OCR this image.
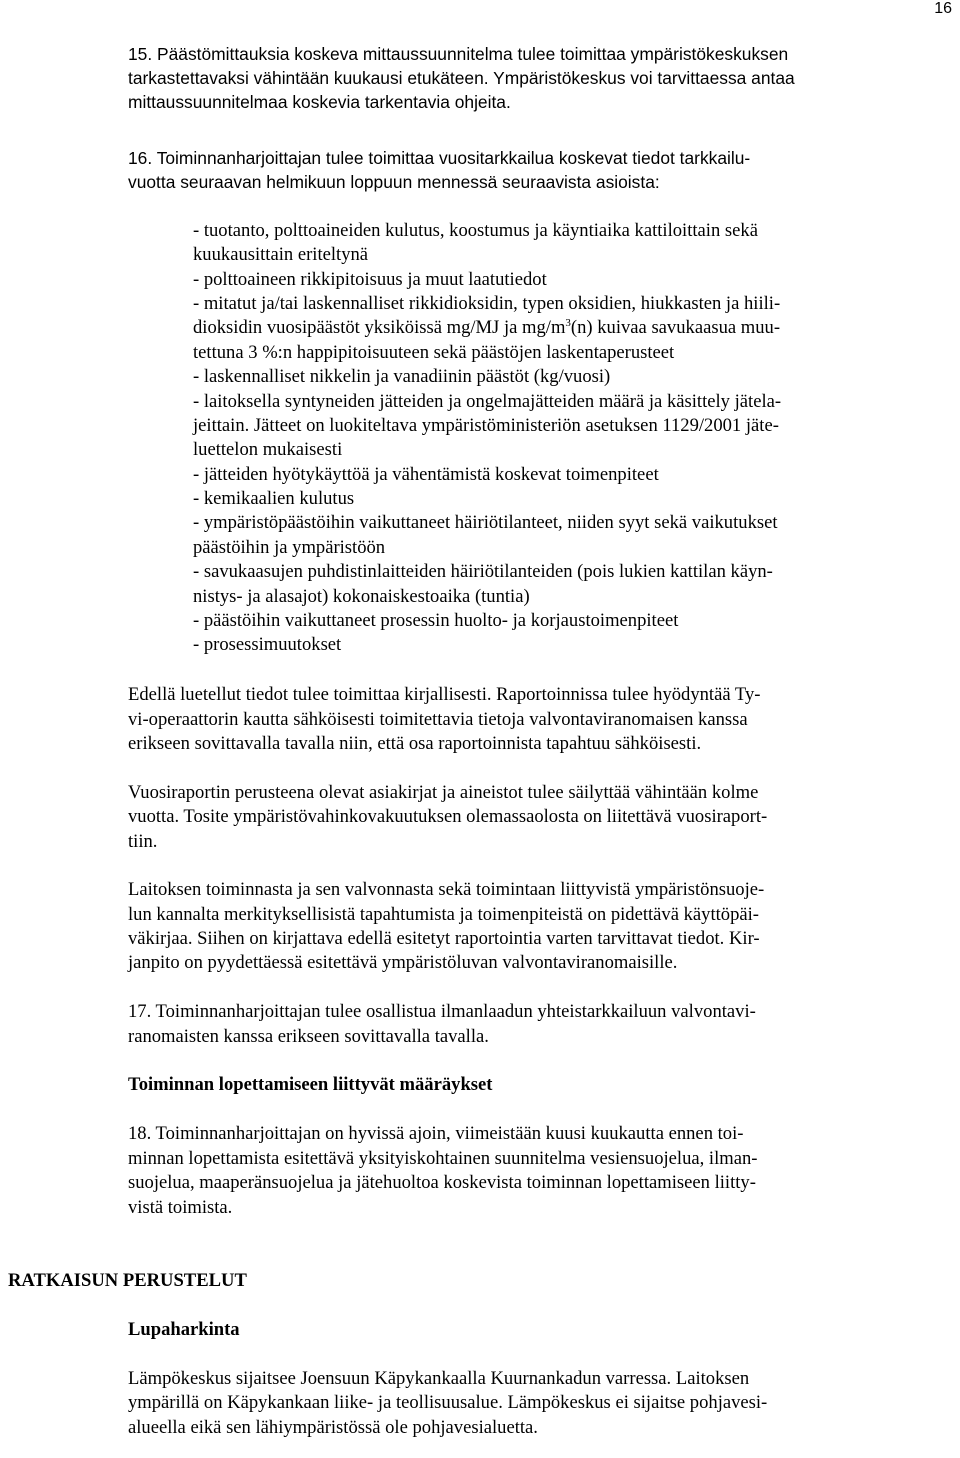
16
15. Päästömittauksia koskeva mittaussuunnitelma tulee toimittaa ympäristökeskuksen
tarkastettavaksi vähintään kuukausi etukäteen. Ympäristökeskus voi tarvittaessa antaa
mittaussuunnitelmaa koskevia tarkentavia ohjeita.
16. Toiminnanharjoittajan tulee toimittaa vuositarkkailua koskevat tiedot tarkkailu-
vuotta seuraavan helmikuun loppuun mennessä seuraavista asioista:
- tuotanto, polttoaineiden kulutus, koostumus ja käyntiaika kattiloittain sekä
kuukausittain eriteltynä
- polttoaineen rikkipitoisuus ja muut laatutiedot
- mitatut ja/tai laskennalliset rikkidioksidin, typen oksidien, hiukkasten ja hiili-
dioksidin vuosipäästöt yksiköissä mg/MJ ja $mg/m^3(n)$ kuivaa savukaasua muu-
tettuna 3 %:n happipitoisuuteen sekä päästöjen laskentaperusteet
- laskennalliset nikkelin ja vanadiinin päästöt (kg/vuosi)
- laitoksella syntyneiden jätteiden ja ongelmajätteiden määrä ja käsittely jätela-
jeittain. Jätteet on luokiteltava ympäristöministeriön asetuksen 1129/2001 jäte-
luettelon mukaisesti
- jätteiden hyötykäyttöä ja vähentämistä koskevat toimenpiteet
- kemikaalien kulutus
- ympäristöpäästöihin vaikuttaneet häiriötilanteet, niiden syyt sekä vaikutukset
päästöihin ja ympäristöön
- savukaasujen puhdistinlaitteiden häiriötilanteiden (pois lukien kattilan käyn-
nistys- ja alasajot) kokonaiskestoaika (tuntia)
- päästöihin vaikuttaneet prosessin huolto- ja korjaustoimenpiteet
- prosessimuutokset
Edellä luetellut tiedot tulee toimittaa kirjallisesti. Raportoinnissa tulee hyödyntää Ty-
vi-operaattorin kautta sähköisesti toimitettavia tietoja valvontaviranomaisen kanssa
erikseen sovittavalla tavalla niin, että osa raportoinnista tapahtuu sähköisesti.
Vuosiraportin perusteena olevat asiakirjat ja aineistot tulee säilyttää vähintään kolme
vuotta. Tosite ympäristövahinkovakuutuksen olemassaolosta on liitettävä vuosiraport-
tiin.
Laitoksen toiminnasta ja sen valvonnasta sekä toimintaan liittyvistä ympäristönsuoje-
lun kannalta merkityksellisistä tapahtumista ja toimenpiteistä on pidettävä käyttöpäi-
väkirjaa. Siihen on kirjattava edellä esitetyt raportointia varten tarvittavat tiedot. Kir-
janpito on pyydettäessä esitettävä ympäristöluvan valvontaviranomaisille.
17. Toiminnanharjoittajan tulee osallistua ilmanlaadun yhteistarkkailuun valvontavi-
ranomaisten kanssa erikseen sovittavalla tavalla.
Toiminnan lopettamiseen liittyvät määräykset
18. Toiminnanharjoittajan on hyvissä ajoin, viimeistään kuusi kuukautta ennen toi-
minnan lopettamista esitettävä yksityiskohtainen suunnitelma vesiensuojelua, ilman-
suojelua, maaperänsuojelua ja jätehuoltoa koskevista toiminnan lopettamiseen liitty-
vistä toimista.
RATKAISUN PERUSTELUT
Lupaharkinta
Lämpökeskus sijaitsee Joensuun Käpykankaalla Kuurnankadun varressa. Laitoksen
ympärillä on Käpykankaan liike- ja teollisuusalue. Lämpökeskus ei sijaitse pohjavesi-
alueella eikä sen lähiympäristössä ole pohjavesialuetta.
